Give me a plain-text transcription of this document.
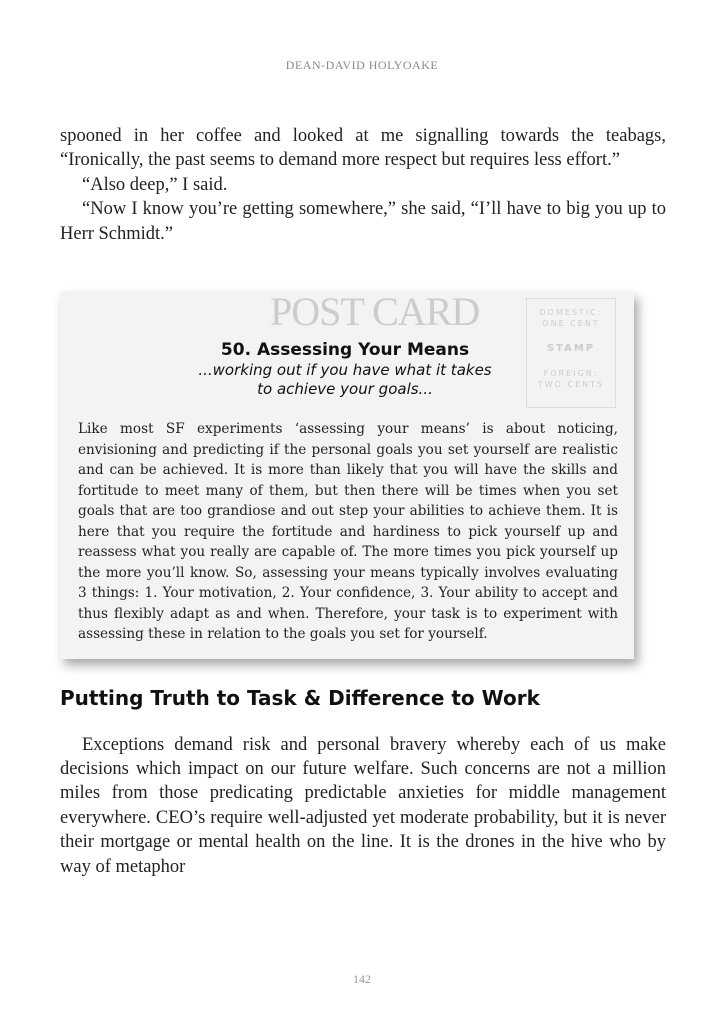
DEAN-DAVID HOLYOAKE

spooned in her coffee and looked at me signalling towards the teabags, “Ironically, the past seems to demand more respect but requires less effort.”

“Also deep,” I said.

“Now I know you’re getting somewhere,” she said, “I’ll have to big you up to Herr Schmidt.”

POST CARD	DOMESTIC:
ONE CENT
STAMP
FOREIGN:
TWO CENTS
50. Assessing Your Means
...working out if you have what it takes
to achieve your goals...
Like most SF experiments ‘assessing your means’ is about noticing, envisioning and predicting if the personal goals you set yourself are realistic and can be achieved. It is more than likely that you will have the skills and fortitude to meet many of them, but then there will be times when you set goals that are too grandiose and out step your abilities to achieve them. It is here that you require the fortitude and hardiness to pick yourself up and reassess what you really are capable of. The more times you pick yourself up the more you’ll know. So, assessing your means typically involves evaluating 3 things: 1. Your motivation, 2. Your confidence, 3. Your ability to accept and thus flexibly adapt as and when. Therefore, your task is to experiment with assessing these in relation to the goals you set for yourself.
Putting Truth to Task & Difference to Work

Exceptions demand risk and personal bravery whereby each of us make decisions which impact on our future welfare. Such concerns are not a million miles from those predicating predictable anxieties for middle management everywhere. CEO’s require well-adjusted yet moderate probability, but it is never their mortgage or mental health on the line. It is the drones in the hive who by way of metaphor

142
